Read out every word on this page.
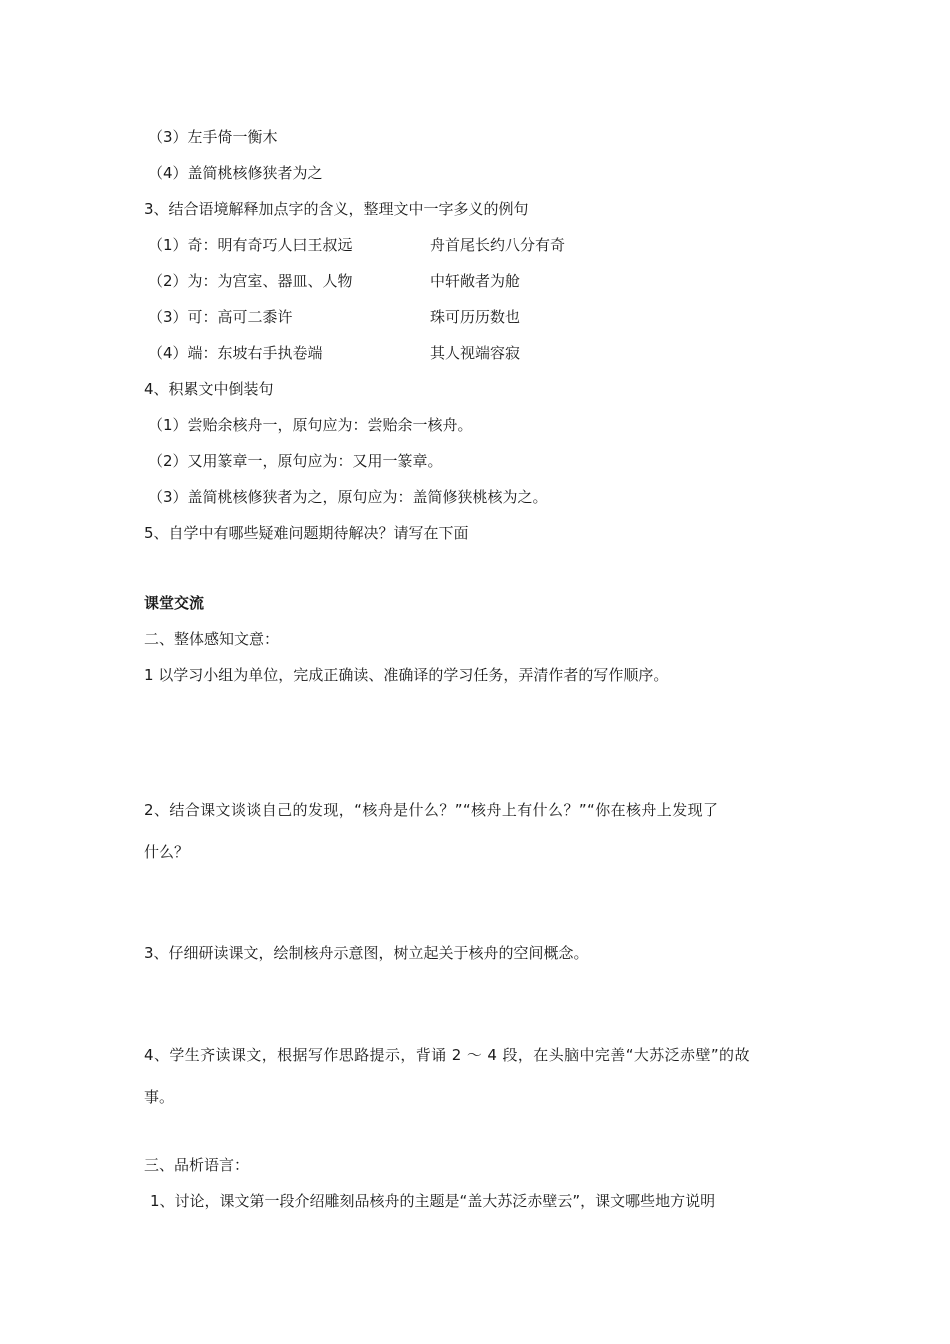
（3）左手倚一衡木
（4）盖简桃核修狭者为之
3、结合语境解释加点字的含义，整理文中一字多义的例句
（1）奇：明有奇巧人曰王叔远	舟首尾长约八分有奇
（2）为：为宫室、器皿、人物	中轩敞者为舱
（3）可：高可二黍许	珠可历历数也
（4）端：东坡右手执卷端	其人视端容寂
4、积累文中倒装句
（1）尝贻余核舟一，原句应为：尝贻余一核舟。
（2）又用篆章一，原句应为：又用一篆章。
（3）盖简桃核修狭者为之，原句应为：盖简修狭桃核为之。
5、自学中有哪些疑难问题期待解决？请写在下面
课堂交流
二、整体感知文意：
1 以学习小组为单位，完成正确读、准确译的学习任务，弄清作者的写作顺序。
2、结合课文谈谈自己的发现，“核舟是什么？”“核舟上有什么？”“你在核舟上发现了
什么？
3、仔细研读课文，绘制核舟示意图，树立起关于核舟的空间概念。
4、学生齐读课文，根据写作思路提示，背诵 2 ～ 4 段，在头脑中完善“大苏泛赤壁”的故
事。
三、品析语言：
1、讨论，课文第一段介绍雕刻品核舟的主题是“盖大苏泛赤壁云”，课文哪些地方说明
